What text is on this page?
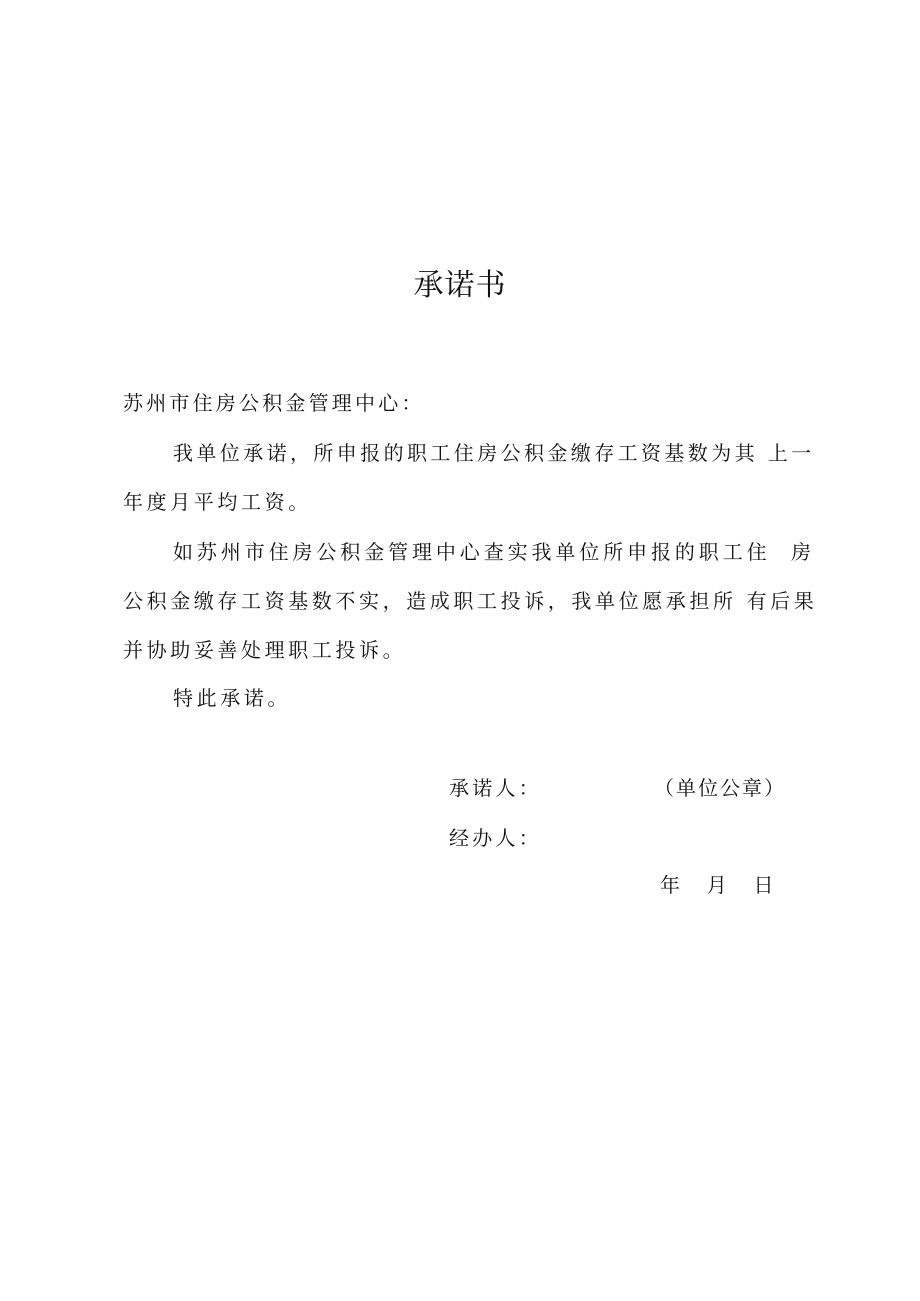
承诺书
苏州市住房公积金管理中心：
我单位承诺，所申报的职工住房公积金缴存工资基数为其 上一
年度月平均工资。
如苏州市住房公积金管理中心查实我单位所申报的职工住  房
公积金缴存工资基数不实，造成职工投诉，我单位愿承担所 有后果
并协助妥善处理职工投诉。
特此承诺。
承诺人：	（单位公章）
经办人：
年 月 日
